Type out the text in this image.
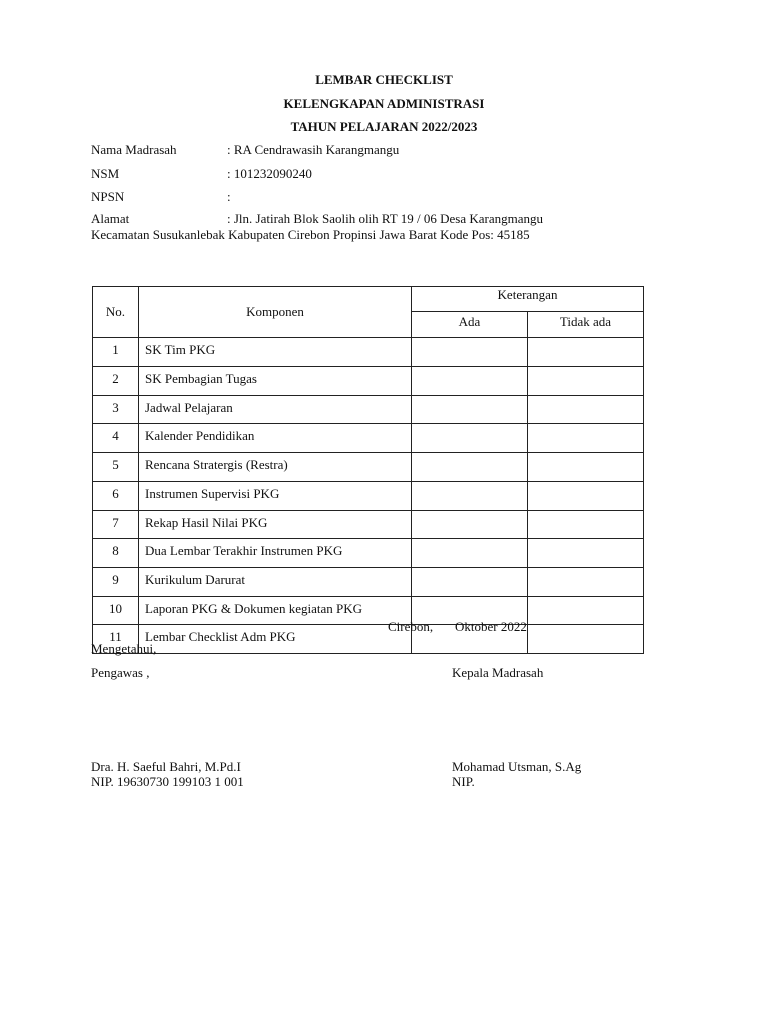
LEMBAR CHECKLIST
KELENGKAPAN ADMINISTRASI
TAHUN PELAJARAN 2022/2023
Nama Madrasah	: RA Cendrawasih Karangmangu
NSM	: 101232090240
NPSN	:
Alamat	: Jln. Jatirah Blok Saolih olih RT 19 / 06 Desa Karangmangu
Kecamatan Susukanlebak Kabupaten Cirebon Propinsi Jawa Barat Kode Pos: 45185
No.	Komponen	Keterangan	
		Ada	Tidak ada
1	SK Tim PKG		
2	SK Pembagian Tugas		
3	Jadwal Pelajaran		
4	Kalender Pendidikan		
5	Rencana Stratergis (Restra)		
6	Instrumen Supervisi PKG		
7	Rekap Hasil Nilai PKG		
8	Dua Lembar Terakhir Instrumen PKG		
9	Kurikulum Darurat		
10	Laporan PKG & Dokumen kegiatan PKG		
11	Lembar Checklist Adm PKG		
Cirebon, Oktober 2022
Mengetahui,
Pengawas ,	Kepala Madrasah
Dra. H. Saeful Bahri, M.Pd.I
NIP. 19630730 199103 1 001
Mohamad Utsman, S.Ag
NIP.
